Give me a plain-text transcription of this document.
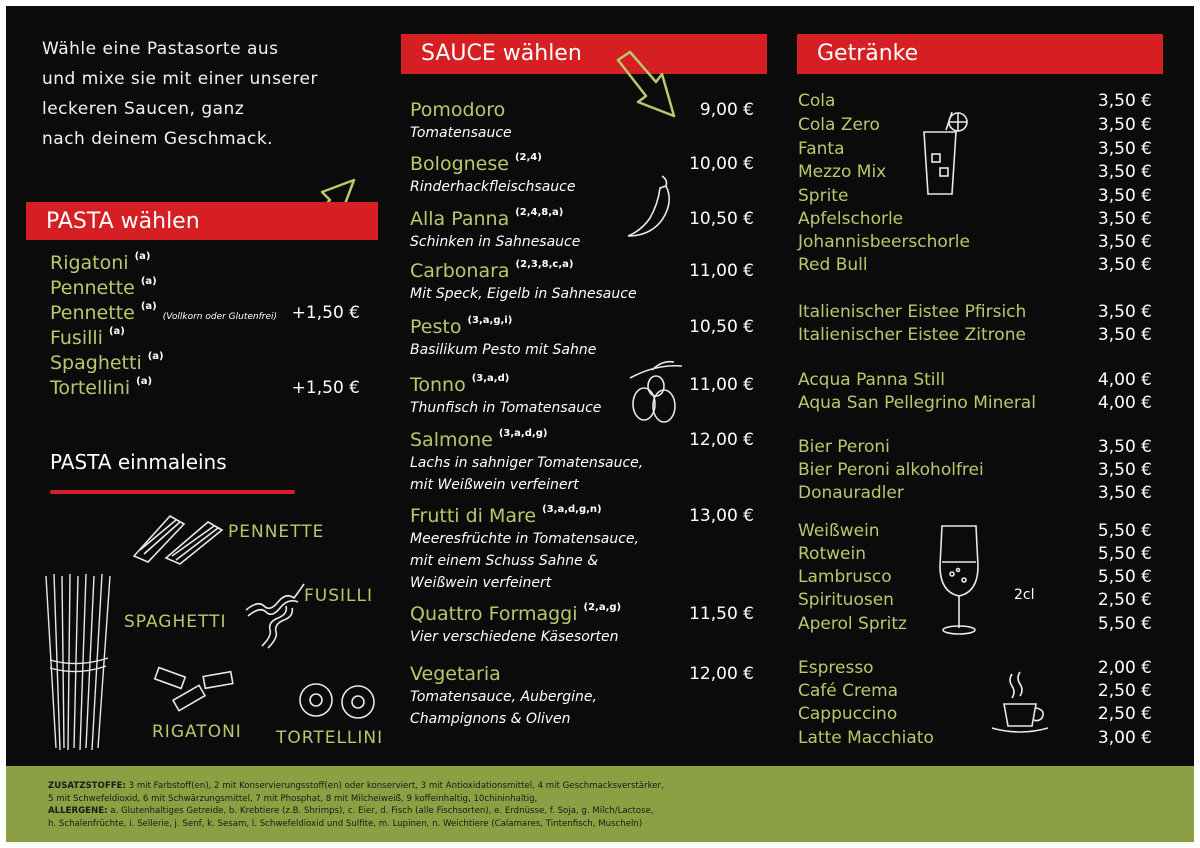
Wähle eine Pastasorte aus
und mixe sie mit einer unserer
leckeren Saucen, ganz
nach deinem Geschmack.
PASTA wählen
Rigatoni $^{(a)}$
Pennette $^{(a)}$
Pennette $^{(a)}$(Vollkorn oder Glutenfrei) +1,50 €
Fusilli $^{(a)}$
Spaghetti $^{(a)}$
Tortellini $^{(a)}$	+1,50 €
PASTA einmaleins
PENNETTE
FUSILLI
SPAGHETTI
RIGATONI TORTELLINI
SAUCE wählen
Pomodoro
Tomatensauce
9,00 €
Bolognese $^{(2,4)}$
Rinderhackfleischsauce
10,00 €
Alla Panna $^{(2,4,8,a)}$
Schinken in Sahnesauce
10,50 €
Carbonara $^{(2,3,8,c,a)}$
Mit Speck, Eigelb in Sahnesauce
11,00 €
Pesto $^{(3,a,g,i)}$
Basilikum Pesto mit Sahne
10,50 €
Tonno $^{(3,a,d)}$
Thunfisch in Tomatensauce
11,00 €
Salmone $^{(3,a,d,g)}$
Lachs in sahniger Tomatensauce,
mit Weißwein verfeinert
12,00 €
Frutti di Mare $^{(3,a,d,g,n)}$
Meeresfrüchte in Tomatensauce,
mit einem Schuss Sahne &
Weißwein verfeinert
13,00 €
Quattro Formaggi $^{(2,a,g)}$
Vier verschiedene Käsesorten
11,50 €
Vegetaria
Tomatensauce, Aubergine,
Champignons & Oliven
12,00 €
Getränke
Cola	3,50 €
Cola Zero	3,50 €
Fanta	3,50 €
Mezzo Mix	3,50 €
Sprite	3,50 €
Apfelschorle	3,50 €
Johannisbeerschorle	3,50 €
Red Bull	3,50 €
Italienischer Eistee Pfirsich	3,50 €
Italienischer Eistee Zitrone	3,50 €
Acqua Panna Still	4,00 €
Aqua San Pellegrino Mineral	4,00 €
Bier Peroni	3,50 €
Bier Peroni alkoholfrei	3,50 €
Donauradler	3,50 €
Weißwein	5,50 €
Rotwein	5,50 €
Lambrusco	5,50 €
Spirituosen	2,50 €
Aperol Spritz	5,50 €
Espresso	2,00 €
Café Crema	2,50 €
Cappuccino	2,50 €
Latte Macchiato	3,00 €
2cl
ZUSATZSTOFFE: 3 mit Farbstoff(en), 2 mit Konservierungsstoff(en) oder konserviert, 3 mit Antioxidationsmittel, 4 mit Geschmacksverstärker,
5 mit Schwefeldioxid, 6 mit Schwärzungsmittel, 7 mit Phosphat, 8 mit Milcheiweiß, 9 koffeinhaltig, 10chininhaltig,
ALLERGENE: a. Glutenhaltiges Getreide, b. Krebtiere (z.B. Shrimps), c. Eier, d. Fisch (alle Fischsorten), e. Erdnüsse, f. Soja, g. Milch/Lactose,
h. Schalenfrüchte, i. Sellerie, j. Senf, k. Sesam, l. Schwefeldioxid und Sulfite, m. Lupinen, n. Weichtiere (Calamares, Tintenfisch, Muscheln)
